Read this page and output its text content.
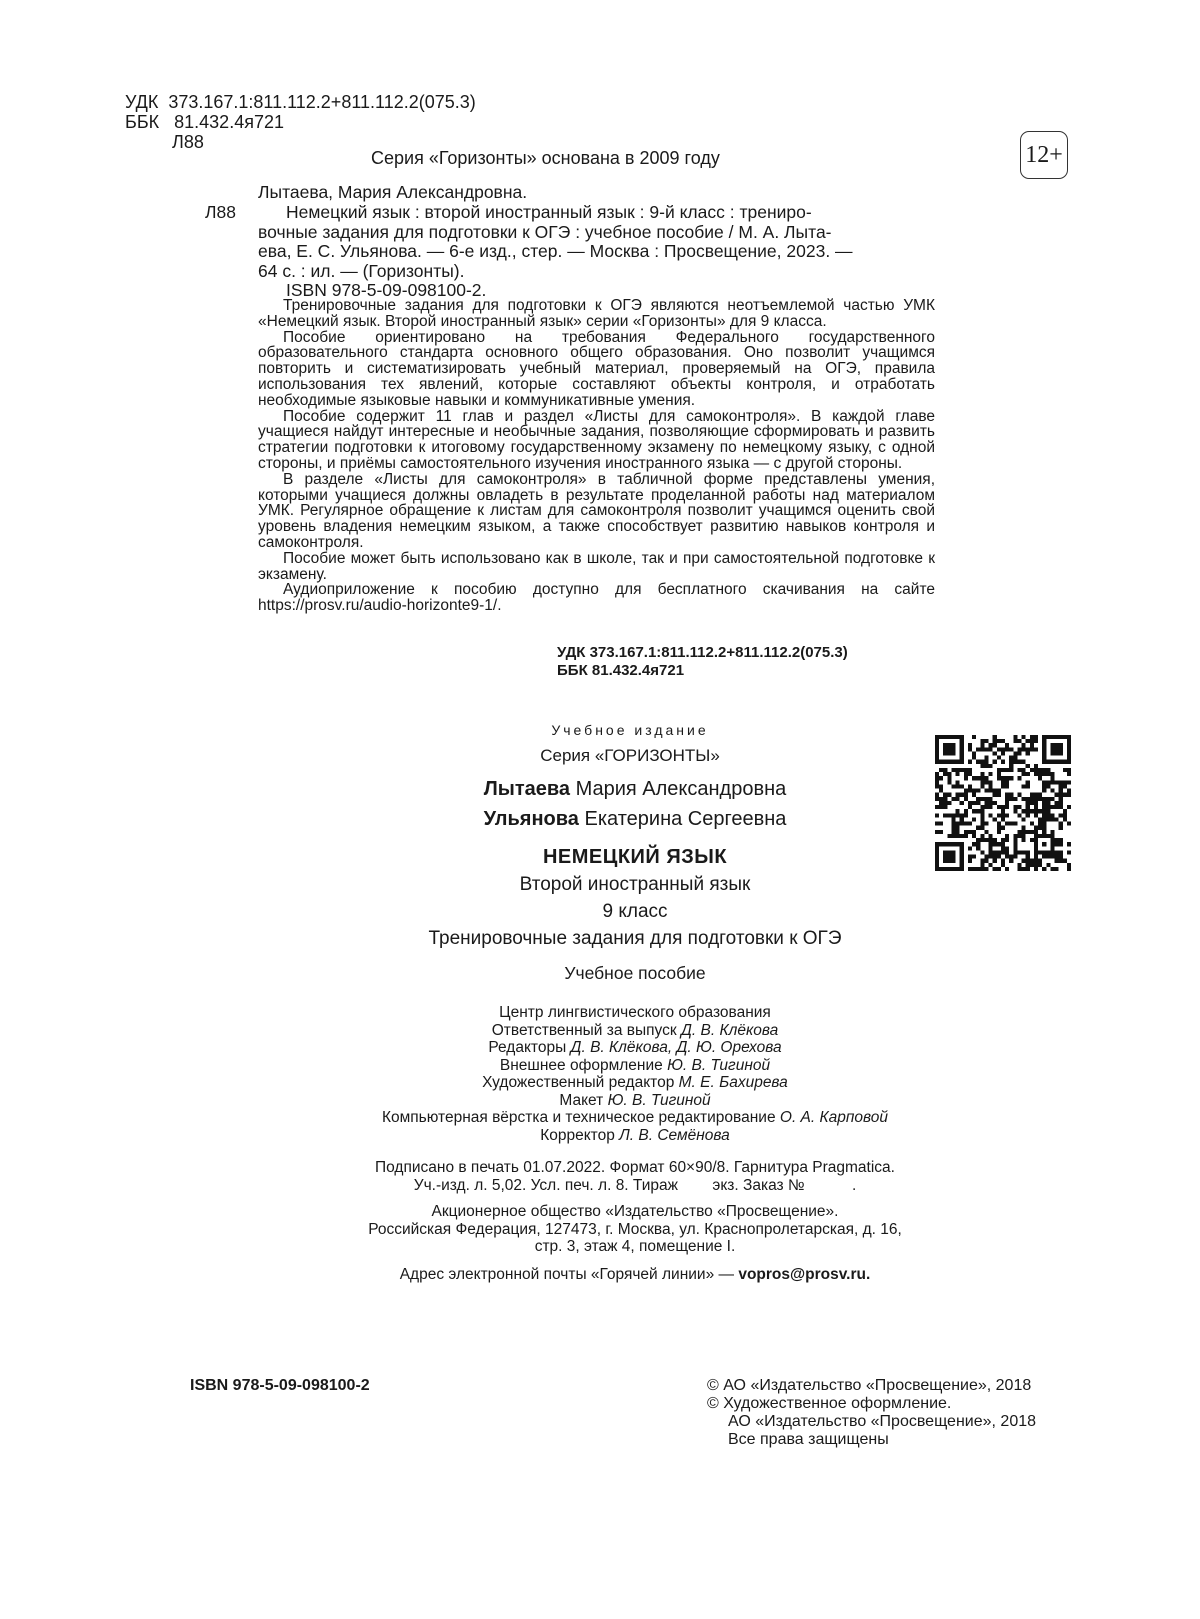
УДК 373.167.1:811.112.2+811.112.2(075.3)
ББК 81.432.4я721
Л88
Серия «Горизонты» основана в 2009 году	12+
Лытаева, Мария Александровна.
Л88	Немецкий язык : второй иностранный язык : 9-й класс : трениро-
вочные задания для подготовки к ОГЭ : учебное пособие / М. А. Лыта-
ева, Е. С. Ульянова. — 6-е изд., стер. — Москва : Просвещение, 2023. —
64 с. : ил. — (Горизонты).
ISBN 978-5-09-098100-2.

Тренировочные задания для подготовки к ОГЭ являются неотъемлемой частью УМК «Немецкий язык. Второй иностранный язык» серии «Горизонты» для 9 класса.

Пособие ориентировано на требования Федерального государственного образовательного стандарта основного общего образования. Оно позволит учащимся повторить и систематизировать учебный материал, проверяемый на ОГЭ, правила использования тех явлений, которые составляют объекты контроля, и отработать необходимые языковые навыки и коммуникативные умения.

Пособие содержит 11 глав и раздел «Листы для самоконтроля». В каждой главе учащиеся найдут интересные и необычные задания, позволяющие сформировать и развить стратегии подготовки к итоговому государственному экзамену по немецкому языку, с одной стороны, и приёмы самостоятельного изучения иностранного языка — с другой стороны.

В разделе «Листы для самоконтроля» в табличной форме представлены умения, которыми учащиеся должны овладеть в результате проделанной работы над материалом УМК. Регулярное обращение к листам для самоконтроля позволит учащимся оценить свой уровень владения немецким языком, а также способствует развитию навыков контроля и самоконтроля.

Пособие может быть использовано как в школе, так и при самостоятельной подготовке к экзамену.

Аудиоприложение к пособию доступно для бесплатного скачивания на сайте https://prosv.ru/audio-horizonte9-1/.

УДК 373.167.1:811.112.2+811.112.2(075.3)
ББК 81.432.4я721
Учебное издание
Серия «ГОРИЗОНТЫ»
Лытаева Мария Александровна
Ульянова Екатерина Сергеевна
НЕМЕЦКИЙ ЯЗЫК
Второй иностранный язык
9 класс
Тренировочные задания для подготовки к ОГЭ
Учебное пособие
Центр лингвистического образования
Ответственный за выпуск Д. В. Клёкова
Редакторы Д. В. Клёкова, Д. Ю. Орехова
Внешнее оформление Ю. В. Тигиной
Художественный редактор М. Е. Бахирева
Макет Ю. В. Тигиной
Компьютерная вёрстка и техническое редактирование О. А. Карповой
Корректор Л. В. Семёнова
Подписано в печать 01.07.2022. Формат 60×90/8. Гарнитура Pragmatica.
Уч.-изд. л. 5,02. Усл. печ. л. 8. Тираж        экз. Заказ №           .
Акционерное общество «Издательство «Просвещение».
Российская Федерация, 127473, г. Москва, ул. Краснопролетарская, д. 16,
стр. 3, этаж 4, помещение I.
Адрес электронной почты «Горячей линии» — vopros@prosv.ru.
ISBN 978-5-09-098100-2	© АО «Издательство «Просвещение», 2018
© Художественное оформление.
АО «Издательство «Просвещение», 2018
Все права защищены
